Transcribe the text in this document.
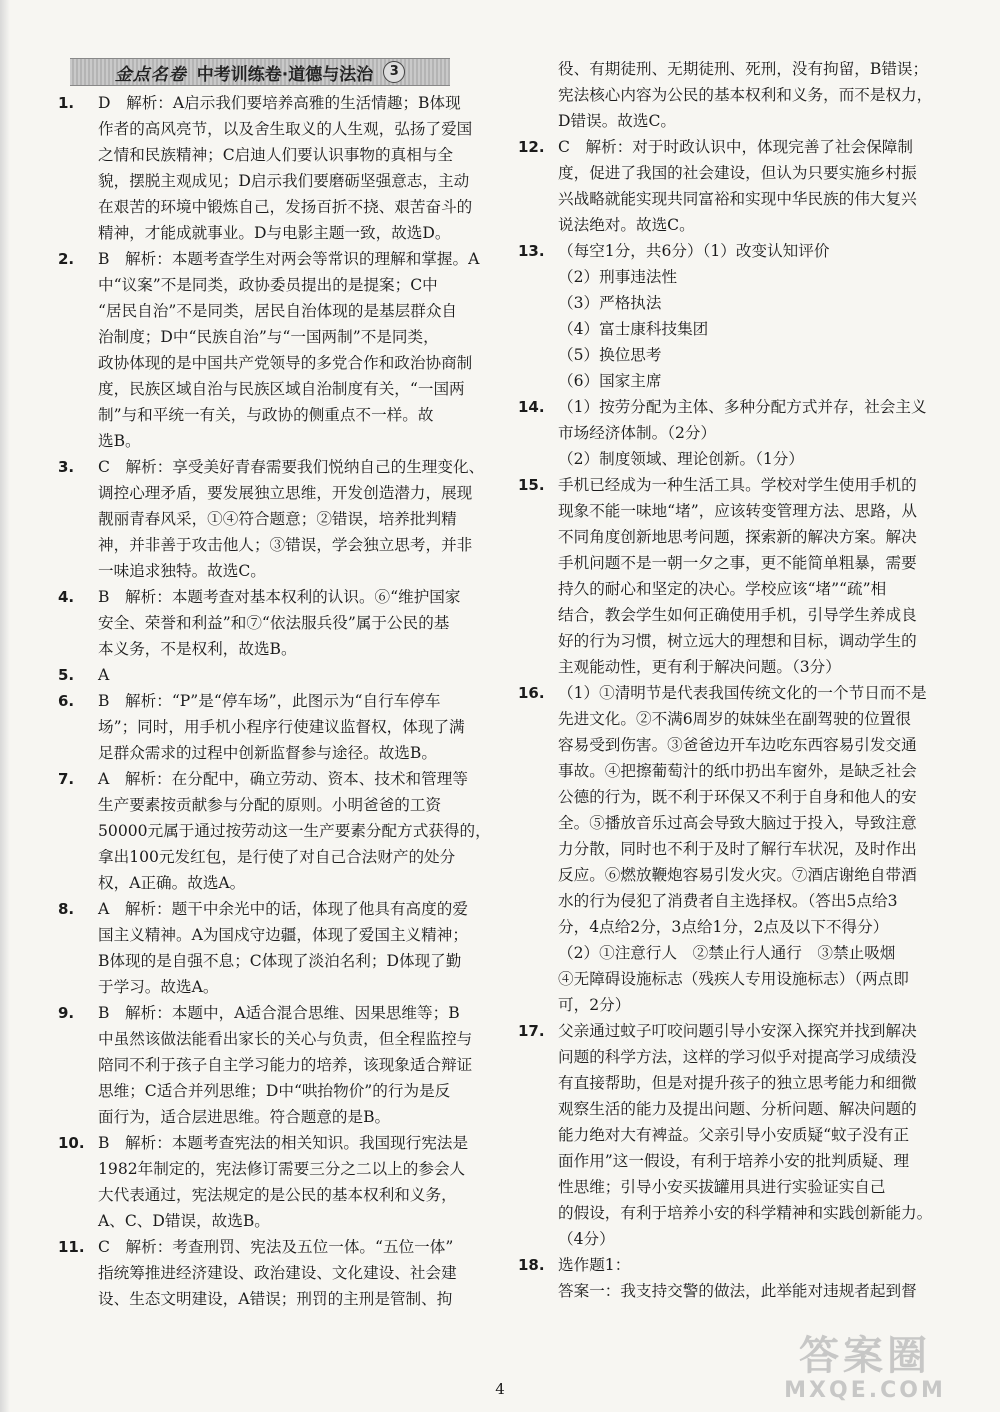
金点名卷 中考训练卷·道德与法治	3
1.	D　解析：A启示我们要培养高雅的生活情趣；B体现

作者的高风亮节，以及舍生取义的人生观，弘扬了爱国

之情和民族精神；C启迪人们要认识事物的真相与全

貌，摆脱主观成见；D启示我们要磨砺坚强意志，主动

在艰苦的环境中锻炼自己，发扬百折不挠、艰苦奋斗的

精神，才能成就事业。D与电影主题一致，故选D。

2.	B　解析：本题考查学生对两会等常识的理解和掌握。A

中“议案”不是同类，政协委员提出的是提案；C中

“居民自治”不是同类，居民自治体现的是基层群众自

治制度；D中“民族自治”与“一国两制”不是同类，

政协体现的是中国共产党领导的多党合作和政治协商制

度，民族区域自治与民族区域自治制度有关，“一国两

制”与和平统一有关，与政协的侧重点不一样。故

选B。

3.	C　解析：享受美好青春需要我们悦纳自己的生理变化、

调控心理矛盾，要发展独立思维，开发创造潜力，展现

靓丽青春风采，①④符合题意；②错误，培养批判精

神，并非善于攻击他人；③错误，学会独立思考，并非

一味追求独特。故选C。

4.	B　解析：本题考查对基本权利的认识。⑥“维护国家

安全、荣誉和利益”和⑦“依法服兵役”属于公民的基

本义务，不是权利，故选B。

5.	A

6.	B　解析：“P”是“停车场”，此图示为“自行车停车

场”；同时，用手机小程序行使建议监督权，体现了满

足群众需求的过程中创新监督参与途径。故选B。

7.	A　解析：在分配中，确立劳动、资本、技术和管理等

生产要素按贡献参与分配的原则。小明爸爸的工资

50000元属于通过按劳动这一生产要素分配方式获得的，

拿出100元发红包，是行使了对自己合法财产的处分

权，A正确。故选A。

8.	A　解析：题干中余光中的话，体现了他具有高度的爱

国主义精神。A为国戍守边疆，体现了爱国主义精神；

B体现的是自强不息；C体现了淡泊名利；D体现了勤

于学习。故选A。

9.	B　解析：本题中，A适合混合思维、因果思维等；B

中虽然该做法能看出家长的关心与负责，但全程监控与

陪同不利于孩子自主学习能力的培养，该现象适合辩证

思维；C适合并列思维；D中“哄抬物价”的行为是反

面行为，适合层进思维。符合题意的是B。

10. B　解析：本题考查宪法的相关知识。我国现行宪法是

1982年制定的，宪法修订需要三分之二以上的参会人

大代表通过，宪法规定的是公民的基本权利和义务，

A、C、D错误，故选B。

11. C　解析：考查刑罚、宪法及五位一体。“五位一体”

指统筹推进经济建设、政治建设、文化建设、社会建

设、生态文明建设，A错误；刑罚的主刑是管制、拘

役、有期徒刑、无期徒刑、死刑，没有拘留，B错误；
宪法核心内容为公民的基本权利和义务，而不是权力，
D错误。故选C。
12. C　解析：对于时政认识中，体现完善了社会保障制

度，促进了我国的社会建设，但认为只要实施乡村振

兴战略就能实现共同富裕和实现中华民族的伟大复兴

说法绝对。故选C。

13. （每空1分，共6分）（1）改变认知评价

（2）刑事违法性

（3）严格执法

（4）富士康科技集团

（5）换位思考

（6）国家主席

14. （1）按劳分配为主体、多种分配方式并存，社会主义

市场经济体制。（2分）

（2）制度领域、理论创新。（1分）

15. 手机已经成为一种生活工具。学校对学生使用手机的

现象不能一味地“堵”，应该转变管理方法、思路，从

不同角度创新地思考问题，探索新的解决方案。解决

手机问题不是一朝一夕之事，更不能简单粗暴，需要

持久的耐心和坚定的决心。学校应该“堵”“疏”相

结合，教会学生如何正确使用手机，引导学生养成良

好的行为习惯，树立远大的理想和目标，调动学生的

主观能动性，更有利于解决问题。（3分）

16. （1）①清明节是代表我国传统文化的一个节日而不是

先进文化。②不满6周岁的妹妹坐在副驾驶的位置很

容易受到伤害。③爸爸边开车边吃东西容易引发交通

事故。④把擦葡萄汁的纸巾扔出车窗外，是缺乏社会

公德的行为，既不利于环保又不利于自身和他人的安

全。⑤播放音乐过高会导致大脑过于投入，导致注意

力分散，同时也不利于及时了解行车状况，及时作出

反应。⑥燃放鞭炮容易引发火灾。⑦酒店谢绝自带酒

水的行为侵犯了消费者自主选择权。（答出5点给3

分，4点给2分，3点给1分，2点及以下不得分）

（2）①注意行人　②禁止行人通行　③禁止吸烟

④无障碍设施标志（残疾人专用设施标志）（两点即

可，2分）

17. 父亲通过蚊子叮咬问题引导小安深入探究并找到解决

问题的科学方法，这样的学习似乎对提高学习成绩没

有直接帮助，但是对提升孩子的独立思考能力和细微

观察生活的能力及提出问题、分析问题、解决问题的

能力绝对大有裨益。父亲引导小安质疑“蚊子没有正

面作用”这一假设，有利于培养小安的批判质疑、理

性思维；引导小安买拔罐用具进行实验证实自己

的假设，有利于培养小安的科学精神和实践创新能力。

（4分）

18. 选作题1：

答案一：我支持交警的做法，此举能对违规者起到督

4
答案圈
MXQE.COM
